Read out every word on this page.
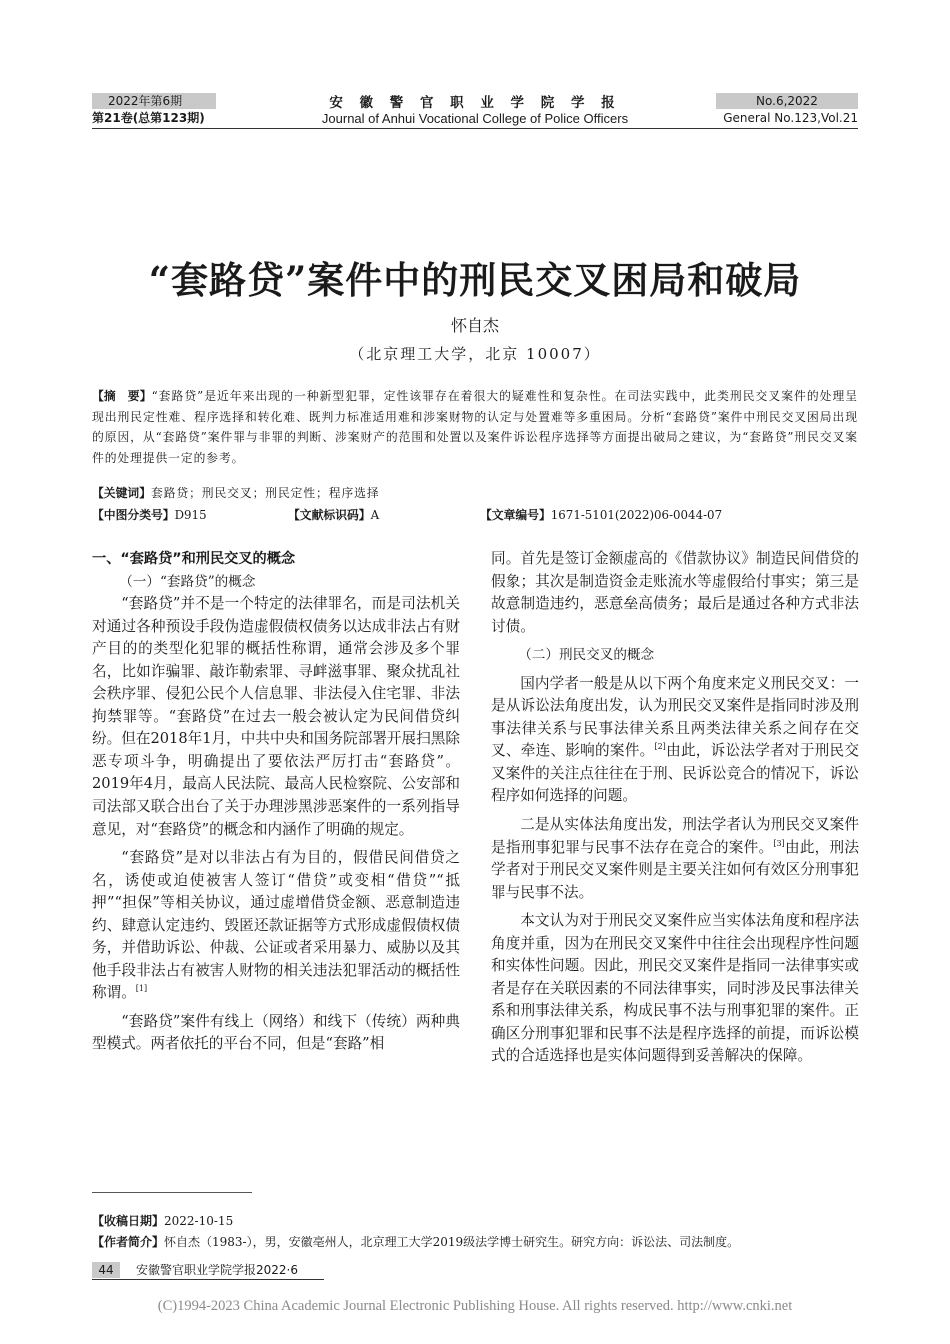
2022年第6期
第21卷(总第123期)
安 徽 警 官 职 业 学 院 学 报
Journal of Anhui Vocational College of Police Officers
No.6,2022
General No.123,Vol.21
“套路贷”案件中的刑民交叉困局和破局
怀自杰
（北京理工大学，北京 10007）
【摘　要】“套路贷”是近年来出现的一种新型犯罪，定性该罪存在着很大的疑难性和复杂性。在司法实践中，此类刑民交叉案件的处理呈现出刑民定性难、程序选择和转化难、既判力标准适用难和涉案财物的认定与处置难等多重困局。分析“套路贷”案件中刑民交叉困局出现的原因，从“套路贷”案件罪与非罪的判断、涉案财产的范围和处置以及案件诉讼程序选择等方面提出破局之建议，为“套路贷”刑民交叉案件的处理提供一定的参考。
【关键词】套路贷；刑民交叉；刑民定性；程序选择
【中图分类号】D915	【文献标识码】A	【文章编号】1671-5101(2022)06-0044-07

一、“套路贷”和刑民交叉的概念

（一）“套路贷”的概念

“套路贷”并不是一个特定的法律罪名，而是司法机关对通过各种预设手段伪造虚假债权债务以达成非法占有财产目的的类型化犯罪的概括性称谓，通常会涉及多个罪名，比如诈骗罪、敲诈勒索罪、寻衅滋事罪、聚众扰乱社会秩序罪、侵犯公民个人信息罪、非法侵入住宅罪、非法拘禁罪等。“套路贷”在过去一般会被认定为民间借贷纠纷。但在2018年1月，中共中央和国务院部署开展扫黑除恶专项斗争，明确提出了要依法严厉打击“套路贷”。2019年4月，最高人民法院、最高人民检察院、公安部和司法部又联合出台了关于办理涉黑涉恶案件的一系列指导意见，对“套路贷”的概念和内涵作了明确的规定。

“套路贷”是对以非法占有为目的，假借民间借贷之名，诱使或迫使被害人签订“借贷”或变相“借贷”“抵押”“担保”等相关协议，通过虚增借贷金额、恶意制造违约、肆意认定违约、毁匿还款证据等方式形成虚假债权债务，并借助诉讼、仲裁、公证或者采用暴力、威胁以及其他手段非法占有被害人财物的相关违法犯罪活动的概括性称谓。[1]

“套路贷”案件有线上（网络）和线下（传统）两种典型模式。两者依托的平台不同，但是“套路”相

同。首先是签订金额虚高的《借款协议》制造民间借贷的假象；其次是制造资金走账流水等虚假给付事实；第三是故意制造违约，恶意垒高债务；最后是通过各种方式非法讨债。

（二）刑民交叉的概念

国内学者一般是从以下两个角度来定义刑民交叉：一是从诉讼法角度出发，认为刑民交叉案件是指同时涉及刑事法律关系与民事法律关系且两类法律关系之间存在交叉、牵连、影响的案件。[2]由此，诉讼法学者对于刑民交叉案件的关注点往往在于刑、民诉讼竞合的情况下，诉讼程序如何选择的问题。

二是从实体法角度出发，刑法学者认为刑民交叉案件是指刑事犯罪与民事不法存在竞合的案件。[3]由此，刑法学者对于刑民交叉案件则是主要关注如何有效区分刑事犯罪与民事不法。

本文认为对于刑民交叉案件应当实体法角度和程序法角度并重，因为在刑民交叉案件中往往会出现程序性问题和实体性问题。因此，刑民交叉案件是指同一法律事实或者是存在关联因素的不同法律事实，同时涉及民事法律关系和刑事法律关系，构成民事不法与刑事犯罪的案件。正确区分刑事犯罪和民事不法是程序选择的前提，而诉讼模式的合适选择也是实体问题得到妥善解决的保障。

【收稿日期】2022-10-15
【作者简介】怀自杰（1983-），男，安徽亳州人，北京理工大学2019级法学博士研究生。研究方向：诉讼法、司法制度。
44	安徽警官职业学院学报2022·6
(C)1994-2023 China Academic Journal Electronic Publishing House. All rights reserved. http://www.cnki.net
